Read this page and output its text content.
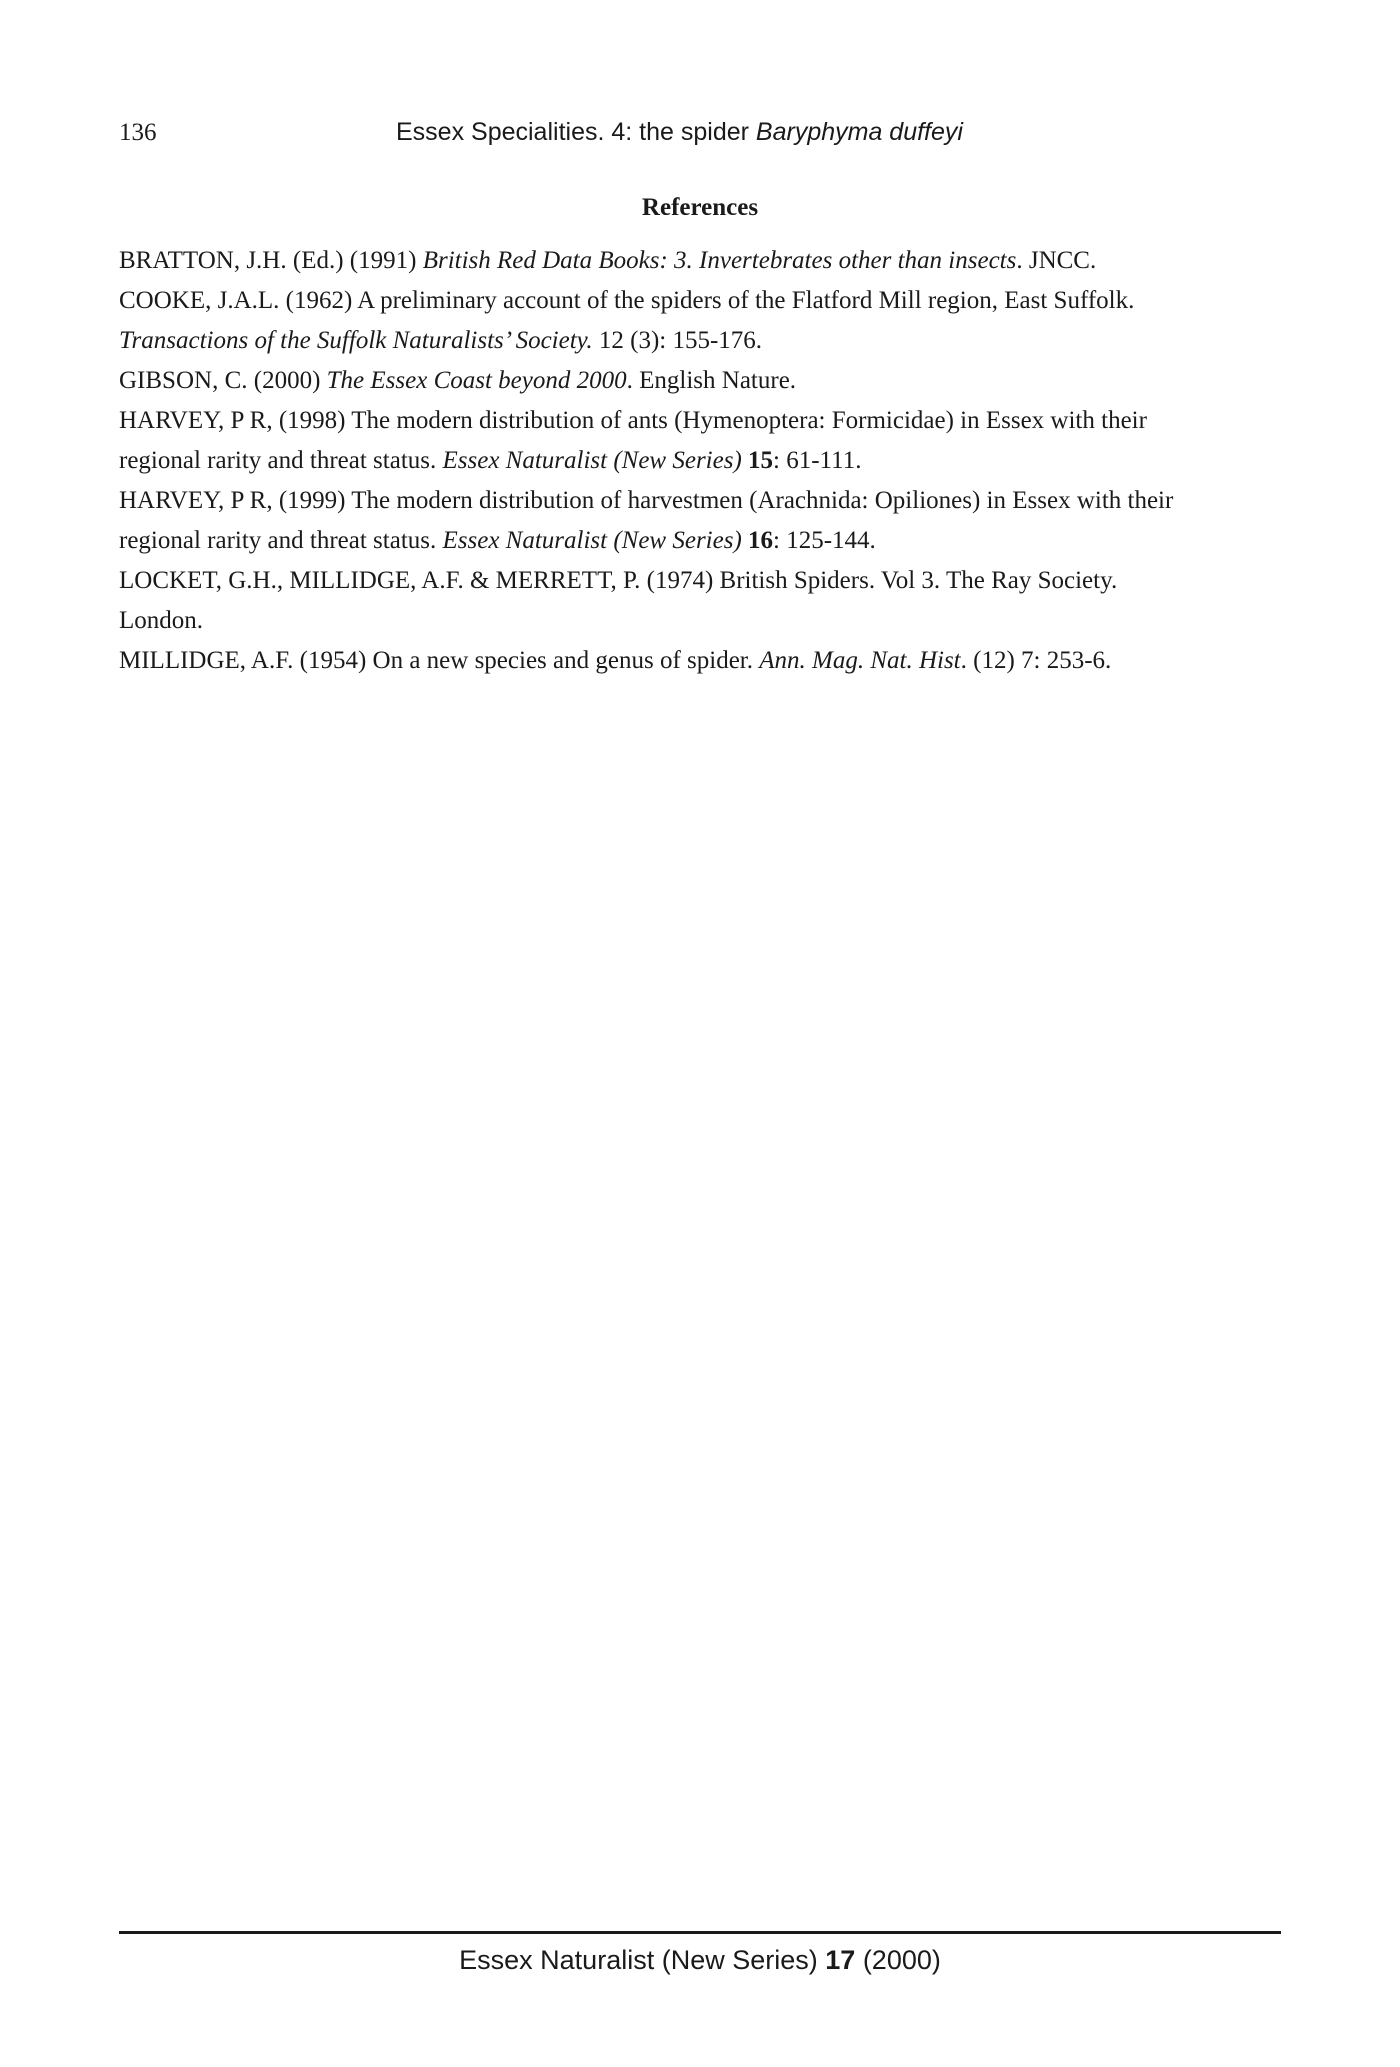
136	Essex Specialities. 4: the spider Baryphyma duffeyi
References
BRATTON, J.H. (Ed.) (1991) British Red Data Books: 3. Invertebrates other than insects. JNCC.
COOKE, J.A.L. (1962) A preliminary account of the spiders of the Flatford Mill region, East Suffolk.
Transactions of the Suffolk Naturalists’ Society. 12 (3): 155-176.
GIBSON, C. (2000) The Essex Coast beyond 2000. English Nature.
HARVEY, P R, (1998) The modern distribution of ants (Hymenoptera: Formicidae) in Essex with their
regional rarity and threat status. Essex Naturalist (New Series) 15: 61-111.
HARVEY, P R, (1999) The modern distribution of harvestmen (Arachnida: Opiliones) in Essex with their
regional rarity and threat status. Essex Naturalist (New Series) 16: 125-144.
LOCKET, G.H., MILLIDGE, A.F. & MERRETT, P. (1974) British Spiders. Vol 3. The Ray Society.
London.
MILLIDGE, A.F. (1954) On a new species and genus of spider. Ann. Mag. Nat. Hist. (12) 7: 253-6.
Essex Naturalist (New Series) 17 (2000)
